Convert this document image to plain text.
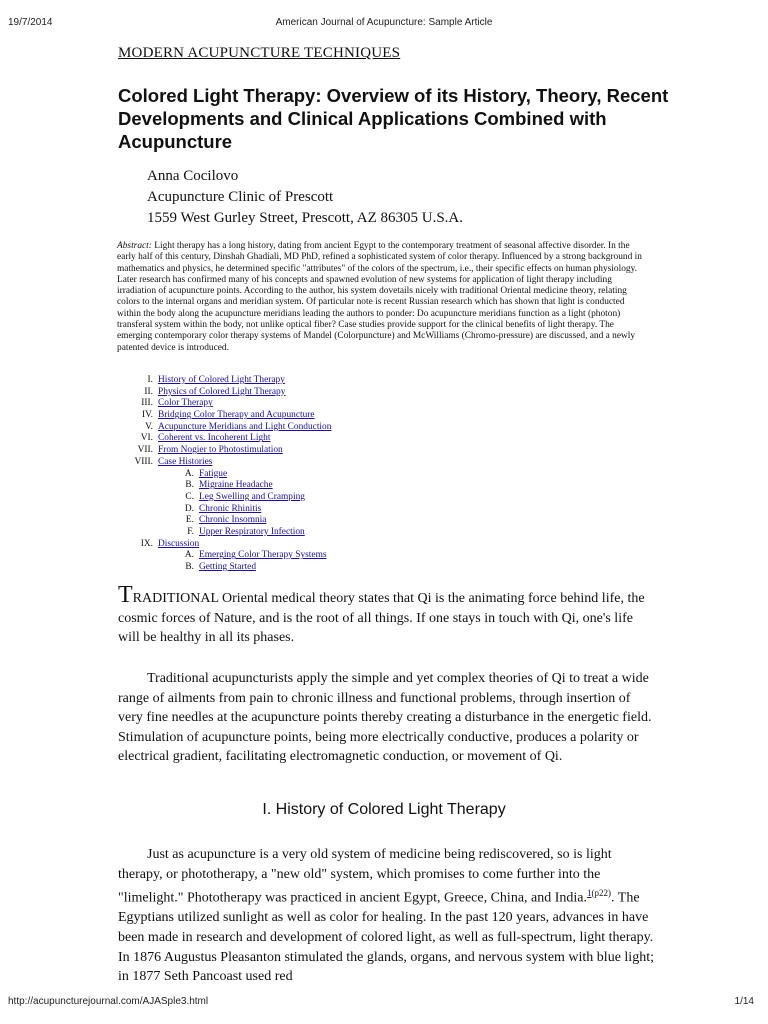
19/7/2014	American Journal of Acupuncture: Sample Article
MODERN ACUPUNCTURE TECHNIQUES
Colored Light Therapy: Overview of its History, Theory, Recent Developments and Clinical Applications Combined with Acupuncture
Anna Cocilovo
Acupuncture Clinic of Prescott
1559 West Gurley Street, Prescott, AZ 86305 U.S.A.

Abstract: Light therapy has a long history, dating from ancient Egypt to the contemporary treatment of seasonal affective disorder. In the early half of this century, Dinshah Ghadiali, MD PhD, refined a sophisticated system of color therapy. Influenced by a strong background in mathematics and physics, he determined specific "attributes" of the colors of the spectrum, i.e., their specific effects on human physiology. Later research has confirmed many of his concepts and spawned evolution of new systems for application of light therapy including irradiation of acupuncture points. According to the author, his system dovetails nicely with traditional Oriental medicine theory, relating colors to the internal organs and meridian system. Of particular note is recent Russian research which has shown that light is conducted within the body along the acupuncture meridians leading the authors to ponder: Do acupuncture meridians function as a light (photon) transferal system within the body, not unlike optical fiber? Case studies provide support for the clinical benefits of light therapy. The emerging contemporary color therapy systems of Mandel (Colorpuncture) and McWilliams (Chromo-pressure) are discussed, and a newly patented device is introduced.

I. History of Colored Light Therapy
II. Physics of Colored Light Therapy
III. Color Therapy
IV. Bridging Color Therapy and Acupuncture
V. Acupuncture Meridians and Light Conduction
VI. Coherent vs. Incoherent Light
VII. From Nogier to Photostimulation
VIII. Case Histories
A. Fatigue
B. Migraine Headache
C. Leg Swelling and Cramping
D. Chronic Rhinitis
E. Chronic Insomnia
F. Upper Respiratory Infection
IX. Discussion
A. Emerging Color Therapy Systems
B. Getting Started

TRADITIONAL Oriental medical theory states that Qi is the animating force behind life, the cosmic forces of Nature, and is the root of all things. If one stays in touch with Qi, one's life will be healthy in all its phases.

Traditional acupuncturists apply the simple and yet complex theories of Qi to treat a wide range of ailments from pain to chronic illness and functional problems, through insertion of very fine needles at the acupuncture points thereby creating a disturbance in the energetic field. Stimulation of acupuncture points, being more electrically conductive, produces a polarity or electrical gradient, facilitating electromagnetic conduction, or movement of Qi.

I. History of Colored Light Therapy

Just as acupuncture is a very old system of medicine being rediscovered, so is light therapy, or phototherapy, a "new old" system, which promises to come further into the "limelight." Phototherapy was practiced in ancient Egypt, Greece, China, and India.$^{1(p22)}$. The Egyptians utilized sunlight as well as color for healing. In the past 120 years, advances in have been made in research and development of colored light, as well as full-spectrum, light therapy. In 1876 Augustus Pleasanton stimulated the glands, organs, and nervous system with blue light; in 1877 Seth Pancoast used red

http://acupuncturejournal.com/AJASple3.html	1/14
